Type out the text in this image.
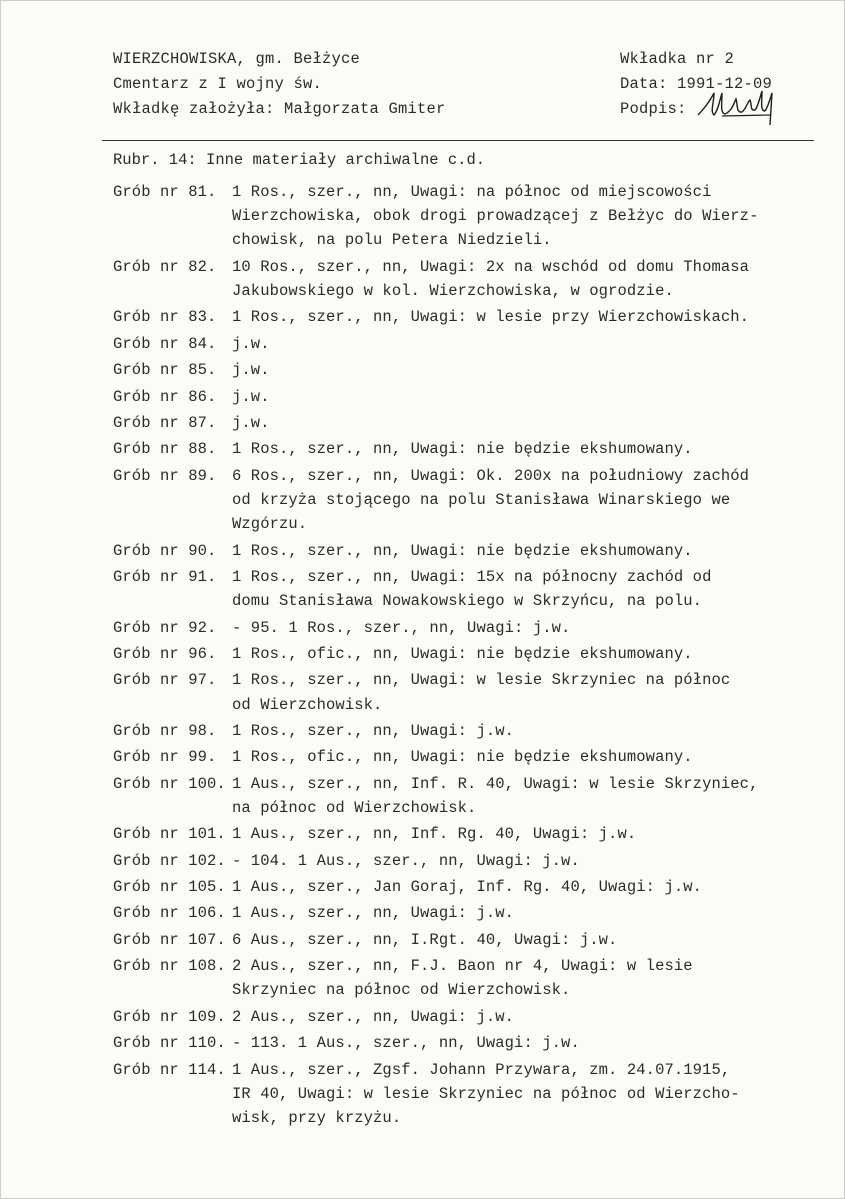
WIERZCHOWISKA, gm. Bełżyce
Cmentarz z I wojny św.
Wkładkę założyła: Małgorzata Gmiter
Wkładka nr 2
Data: 1991-12-09
Podpis:
Rubr. 14: Inne materiały archiwalne c.d.
Grób nr 81.	1 Ros., szer., nn, Uwagi: na północ od miejscowości
Wierzchowiska, obok drogi prowadzącej z Bełżyc do Wierz-
chowisk, na polu Petera Niedzieli.
Grób nr 82.	10 Ros., szer., nn, Uwagi: 2x na wschód od domu Thomasa
Jakubowskiego w kol. Wierzchowiska, w ogrodzie.
Grób nr 83.	1 Ros., szer., nn, Uwagi: w lesie przy Wierzchowiskach.
Grób nr 84.	j.w.
Grób nr 85.	j.w.
Grób nr 86.	j.w.
Grób nr 87.	j.w.
Grób nr 88.	1 Ros., szer., nn, Uwagi: nie będzie ekshumowany.
Grób nr 89.	6 Ros., szer., nn, Uwagi: Ok. 200x na południowy zachód
od krzyża stojącego na polu Stanisława Winarskiego we
Wzgórzu.
Grób nr 90.	1 Ros., szer., nn, Uwagi: nie będzie ekshumowany.
Grób nr 91.	1 Ros., szer., nn, Uwagi: 15x na północny zachód od
domu Stanisława Nowakowskiego w Skrzyńcu, na polu.
Grób nr 92.	- 95. 1 Ros., szer., nn, Uwagi: j.w.
Grób nr 96.	1 Ros., ofic., nn, Uwagi: nie będzie ekshumowany.
Grób nr 97.	1 Ros., szer., nn, Uwagi: w lesie Skrzyniec na północ
od Wierzchowisk.
Grób nr 98.	1 Ros., szer., nn, Uwagi: j.w.
Grób nr 99.	1 Ros., ofic., nn, Uwagi: nie będzie ekshumowany.
Grób nr 100. 1 Aus., szer., nn, Inf. R. 40, Uwagi: w lesie Skrzyniec,
na północ od Wierzchowisk.
Grób nr 101. 1 Aus., szer., nn, Inf. Rg. 40, Uwagi: j.w.
Grób nr 102. - 104. 1 Aus., szer., nn, Uwagi: j.w.
Grób nr 105. 1 Aus., szer., Jan Goraj, Inf. Rg. 40, Uwagi: j.w.
Grób nr 106. 1 Aus., szer., nn, Uwagi: j.w.
Grób nr 107. 6 Aus., szer., nn, I.Rgt. 40, Uwagi: j.w.
Grób nr 108. 2 Aus., szer., nn, F.J. Baon nr 4, Uwagi: w lesie
Skrzyniec na północ od Wierzchowisk.
Grób nr 109. 2 Aus., szer., nn, Uwagi: j.w.
Grób nr 110. - 113. 1 Aus., szer., nn, Uwagi: j.w.
Grób nr 114. 1 Aus., szer., Zgsf. Johann Przywara, zm. 24.07.1915,
IR 40, Uwagi: w lesie Skrzyniec na północ od Wierzcho-
wisk, przy krzyżu.
